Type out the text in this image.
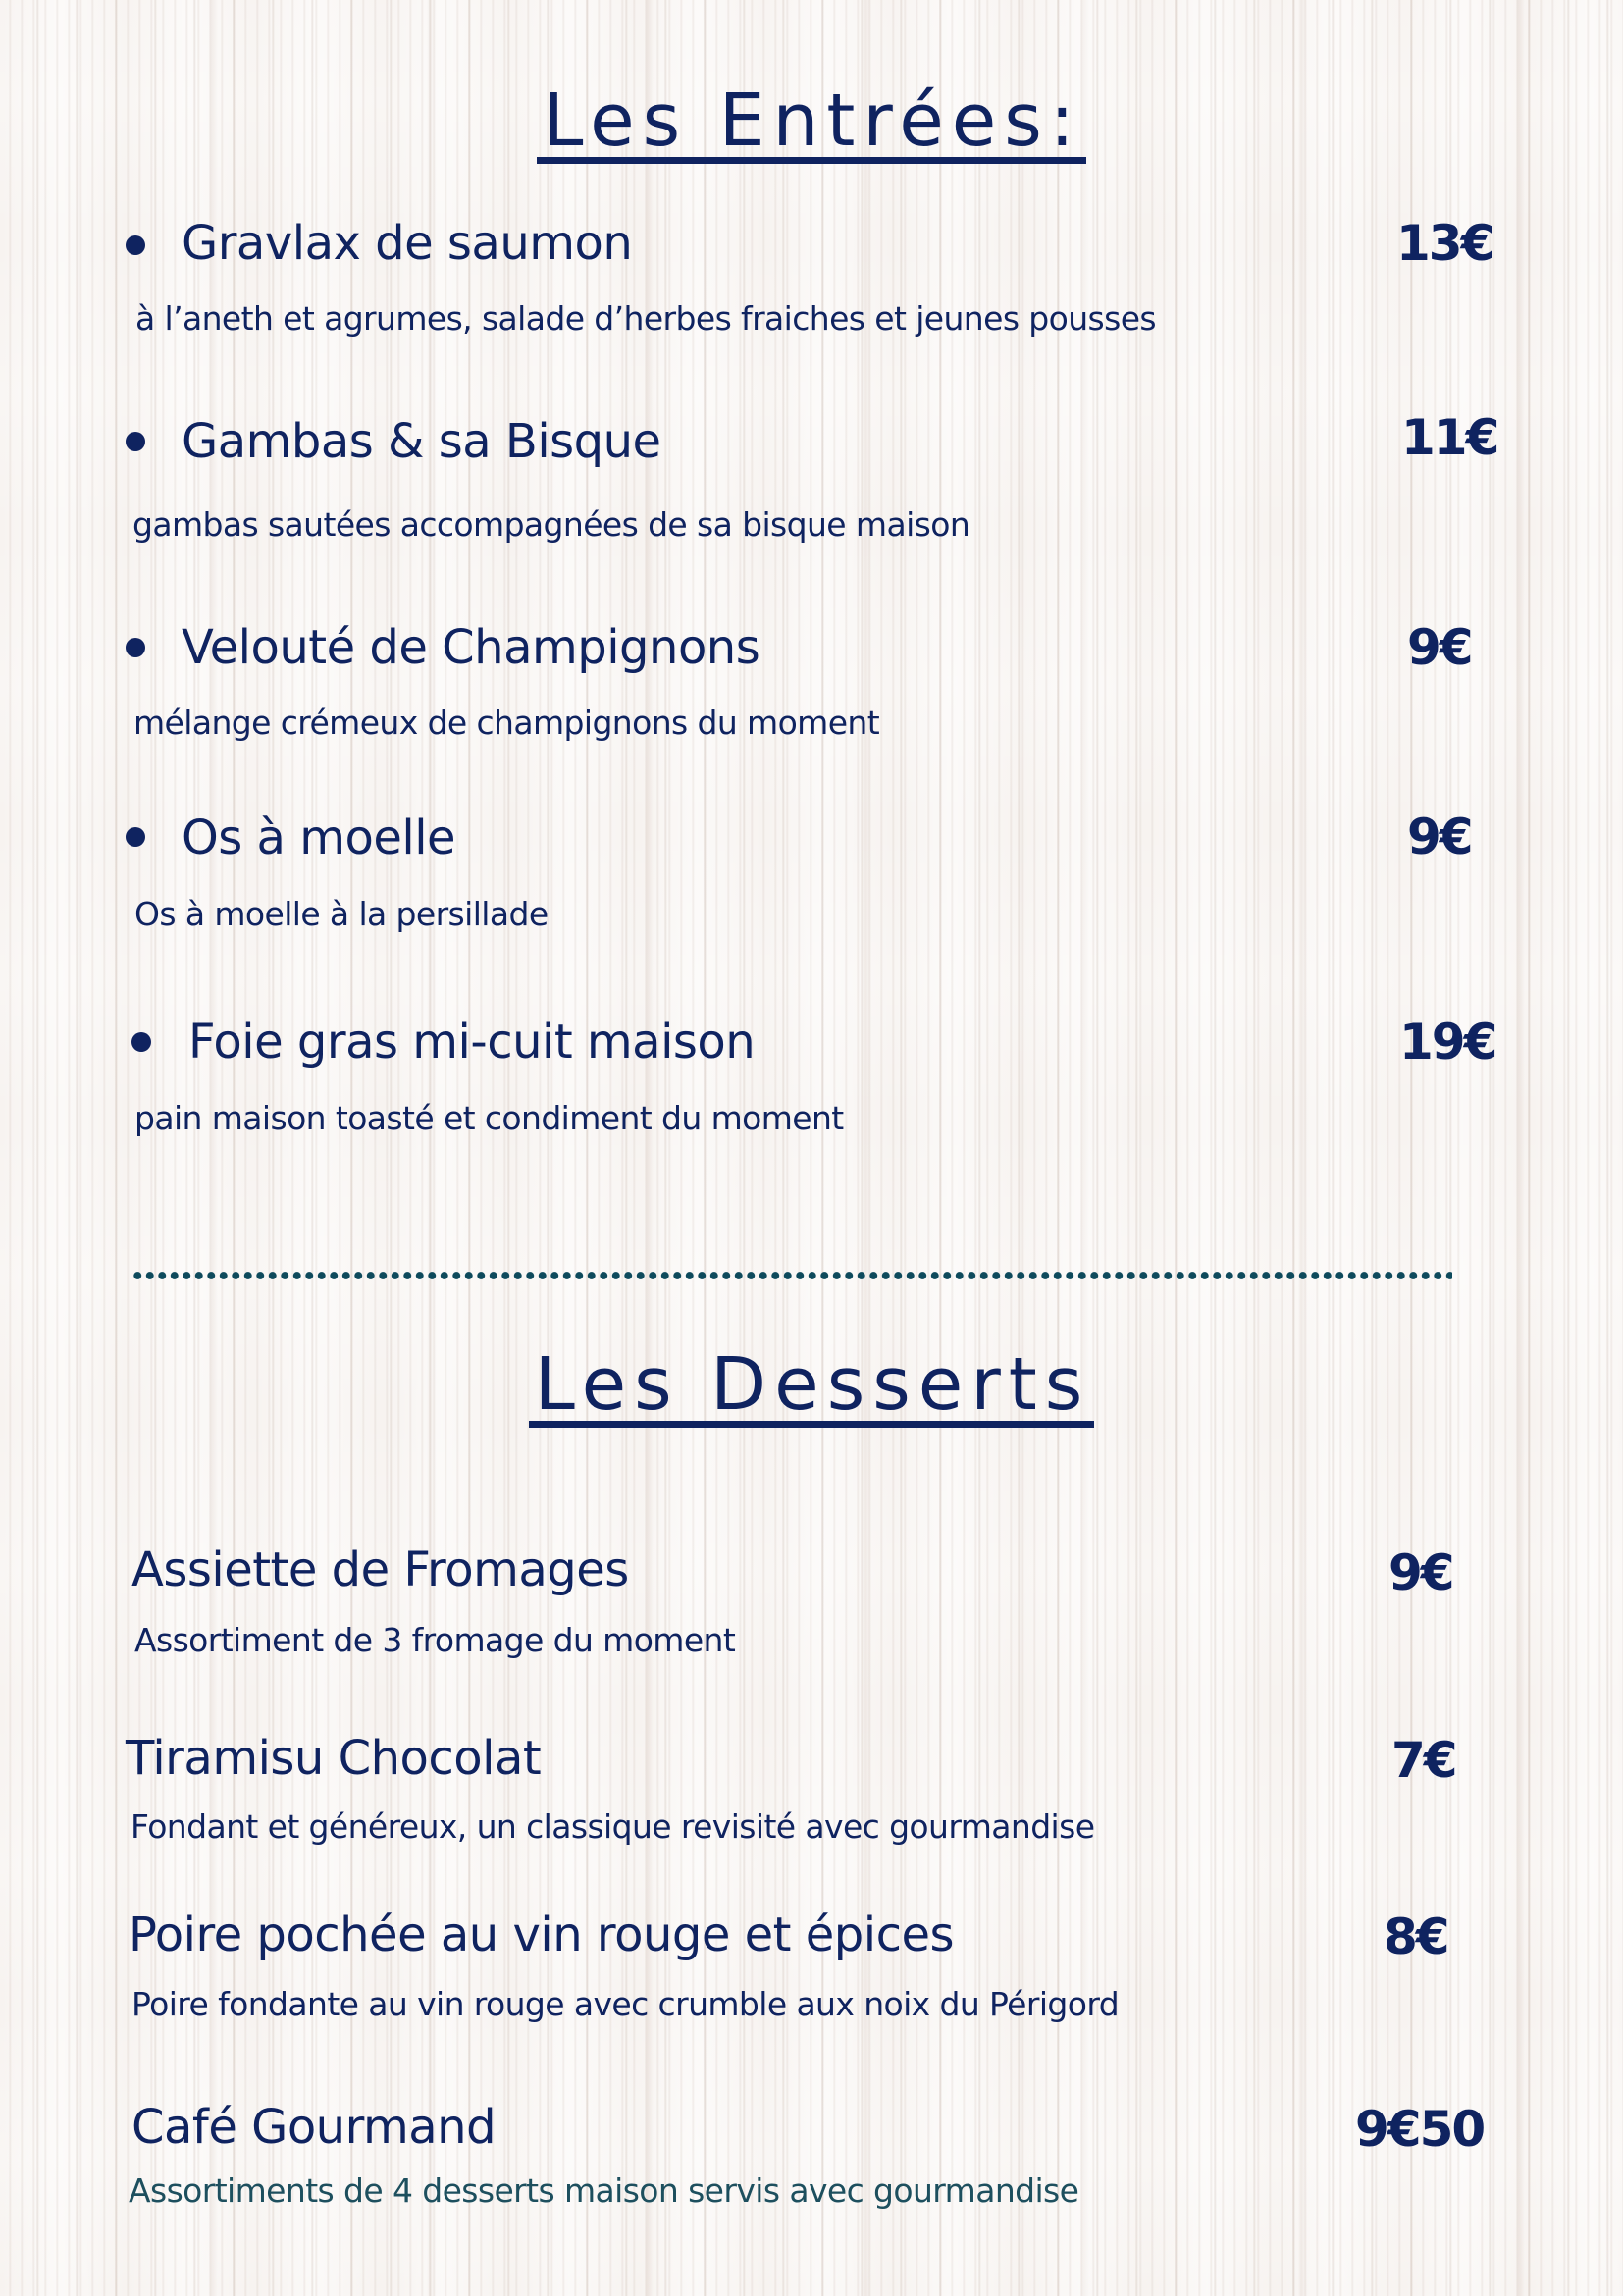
Les Entrées:
Gravlax de saumon	13€
à l’aneth et agrumes, salade d’herbes fraiches et jeunes pousses
Gambas & sa Bisque	11€
gambas sautées accompagnées de sa bisque maison
Velouté de Champignons	9€
mélange crémeux de champignons du moment
Os à moelle	9€
Os à moelle à la persillade
Foie gras mi-cuit maison	19€
pain maison toasté et condiment du moment
Les Desserts
Assiette de Fromages	9€
Assortiment de 3 fromage du moment
Tiramisu Chocolat	7€
Fondant et généreux, un classique revisité avec gourmandise
Poire pochée au vin rouge et épices	8€
Poire fondante au vin rouge avec crumble aux noix du Périgord
Café Gourmand	9€50
Assortiments de 4 desserts maison servis avec gourmandise
